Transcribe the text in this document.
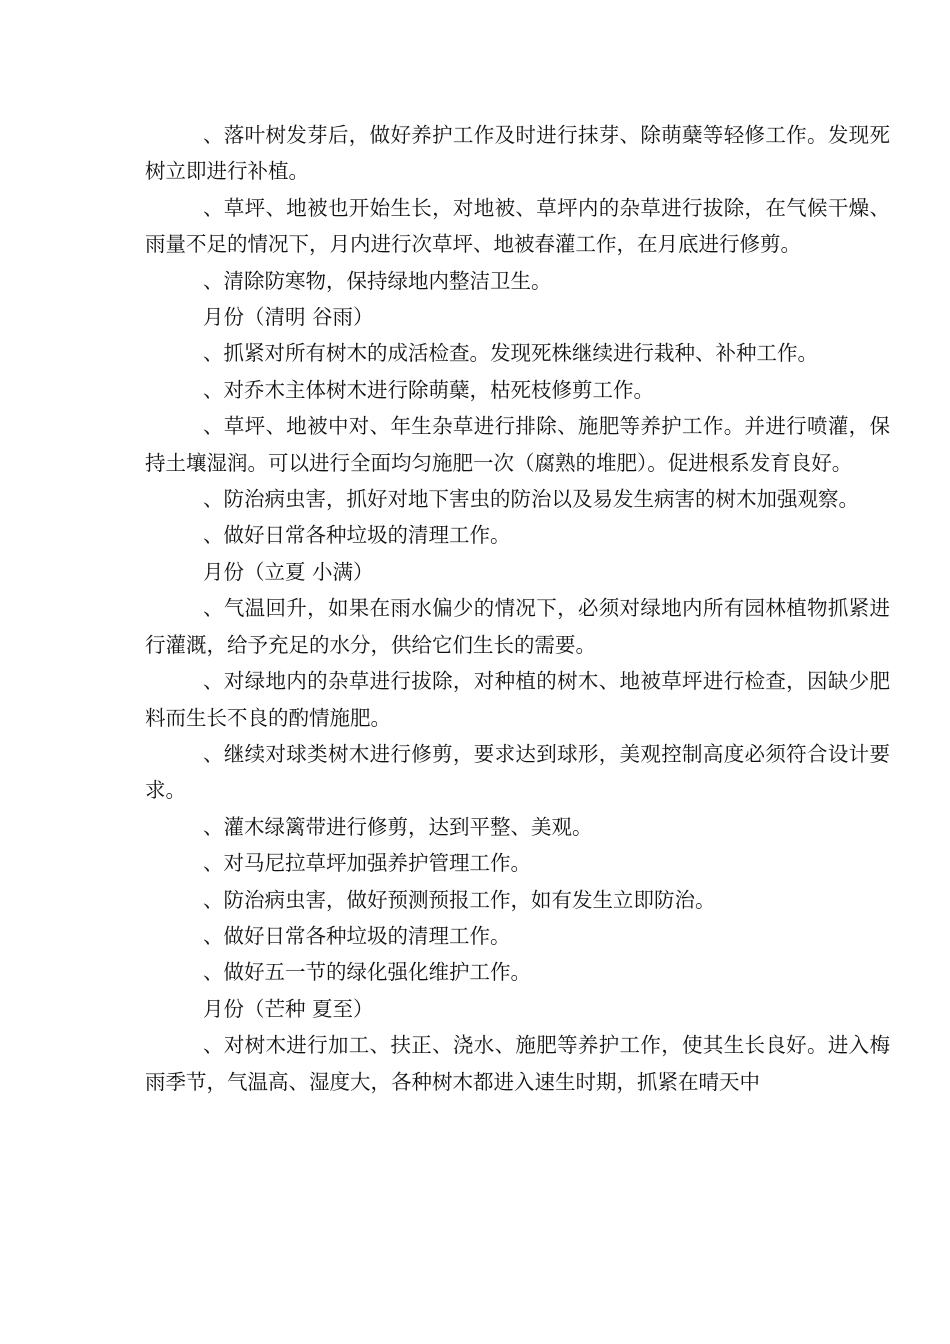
、落叶树发芽后，做好养护工作及时进行抹芽、除萌蘖等轻修工作。发现死树立即进行补植。

、草坪、地被也开始生长，对地被、草坪内的杂草进行拔除，在气候干燥、雨量不足的情况下，月内进行次草坪、地被春灌工作，在月底进行修剪。

、清除防寒物，保持绿地内整洁卫生。

月份（清明 谷雨）

、抓紧对所有树木的成活检查。发现死株继续进行栽种、补种工作。

、对乔木主体树木进行除萌蘖，枯死枝修剪工作。

、草坪、地被中对、年生杂草进行排除、施肥等养护工作。并进行喷灌，保持土壤湿润。可以进行全面均匀施肥一次（腐熟的堆肥）。促进根系发育良好。

、防治病虫害，抓好对地下害虫的防治以及易发生病害的树木加强观察。

、做好日常各种垃圾的清理工作。

月份（立夏 小满）

、气温回升，如果在雨水偏少的情况下，必须对绿地内所有园林植物抓紧进行灌溉，给予充足的水分，供给它们生长的需要。

、对绿地内的杂草进行拔除，对种植的树木、地被草坪进行检查，因缺少肥料而生长不良的酌情施肥。

、继续对球类树木进行修剪，要求达到球形，美观控制高度必须符合设计要求。

、灌木绿篱带进行修剪，达到平整、美观。

、对马尼拉草坪加强养护管理工作。

、防治病虫害，做好预测预报工作，如有发生立即防治。

、做好日常各种垃圾的清理工作。

、做好五一节的绿化强化维护工作。

月份（芒种 夏至）

、对树木进行加工、扶正、浇水、施肥等养护工作，使其生长良好。进入梅雨季节，气温高、湿度大，各种树木都进入速生时期，抓紧在晴天中
